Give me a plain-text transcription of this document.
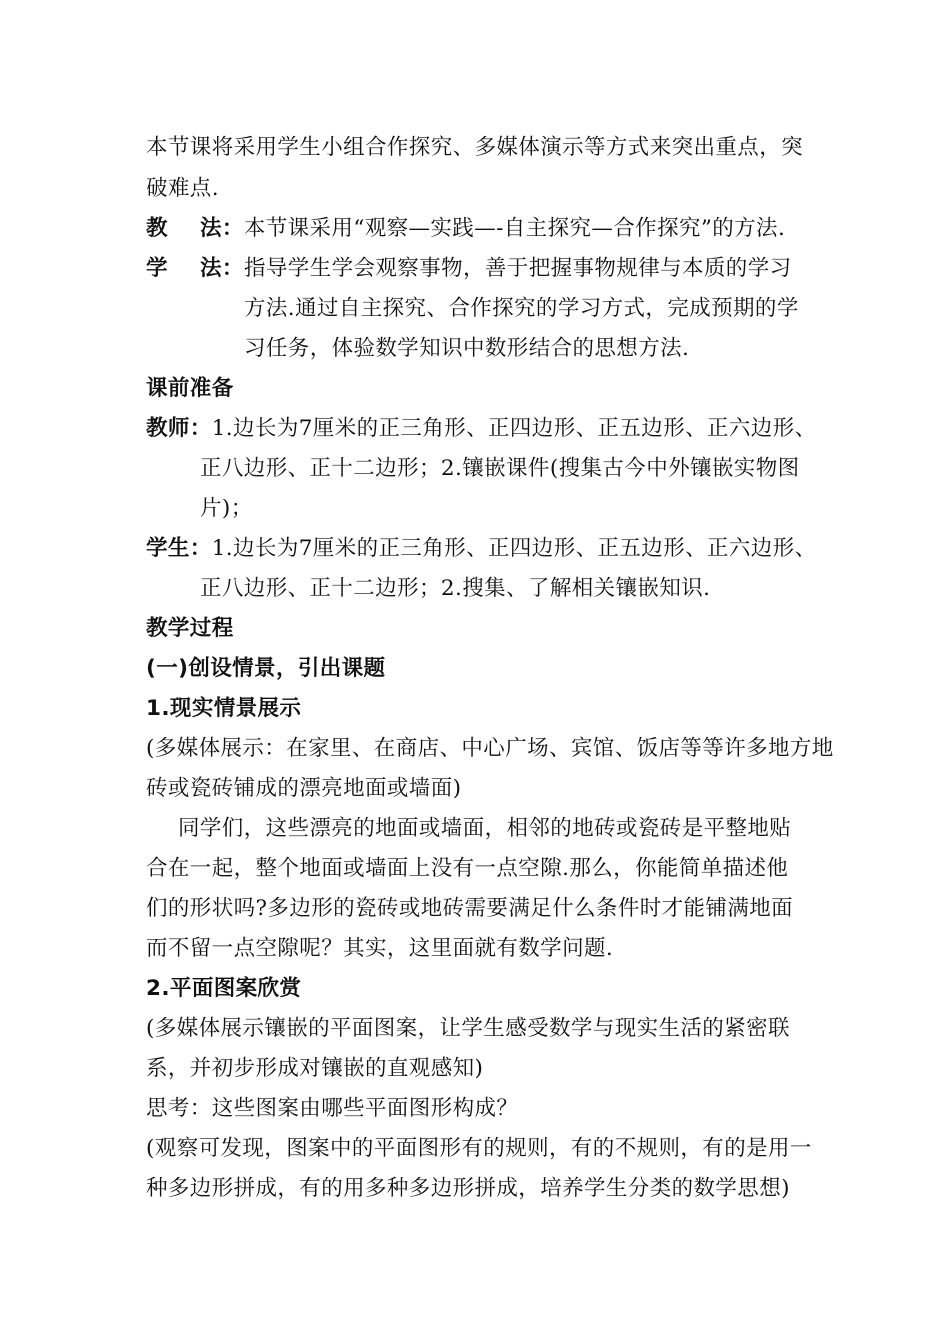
本节课将采用学生小组合作探究、多媒体演示等方式来突出重点，突
破难点.
教 法：本节课采用“观察—实践—-自主探究—合作探究”的方法.
学 法：指导学生学会观察事物，善于把握事物规律与本质的学习
方法.通过自主探究、合作探究的学习方式，完成预期的学
习任务，体验数学知识中数形结合的思想方法.
课前准备
教师：1.边长为7厘米的正三角形、正四边形、正五边形、正六边形、
正八边形、正十二边形；2.镶嵌课件(搜集古今中外镶嵌实物图
片)；
学生：1.边长为7厘米的正三角形、正四边形、正五边形、正六边形、
正八边形、正十二边形；2.搜集、了解相关镶嵌知识.
教学过程
(一)创设情景，引出课题
1.现实情景展示
(多媒体展示：在家里、在商店、中心广场、宾馆、饭店等等许多地方地
砖或瓷砖铺成的漂亮地面或墙面)
同学们，这些漂亮的地面或墙面，相邻的地砖或瓷砖是平整地贴
合在一起，整个地面或墙面上没有一点空隙.那么，你能简单描述他
们的形状吗?多边形的瓷砖或地砖需要满足什么条件时才能铺满地面
而不留一点空隙呢？其实，这里面就有数学问题.
2.平面图案欣赏
(多媒体展示镶嵌的平面图案，让学生感受数学与现实生活的紧密联
系，并初步形成对镶嵌的直观感知)
思考：这些图案由哪些平面图形构成？
(观察可发现，图案中的平面图形有的规则，有的不规则，有的是用一
种多边形拼成，有的用多种多边形拼成，培养学生分类的数学思想)
